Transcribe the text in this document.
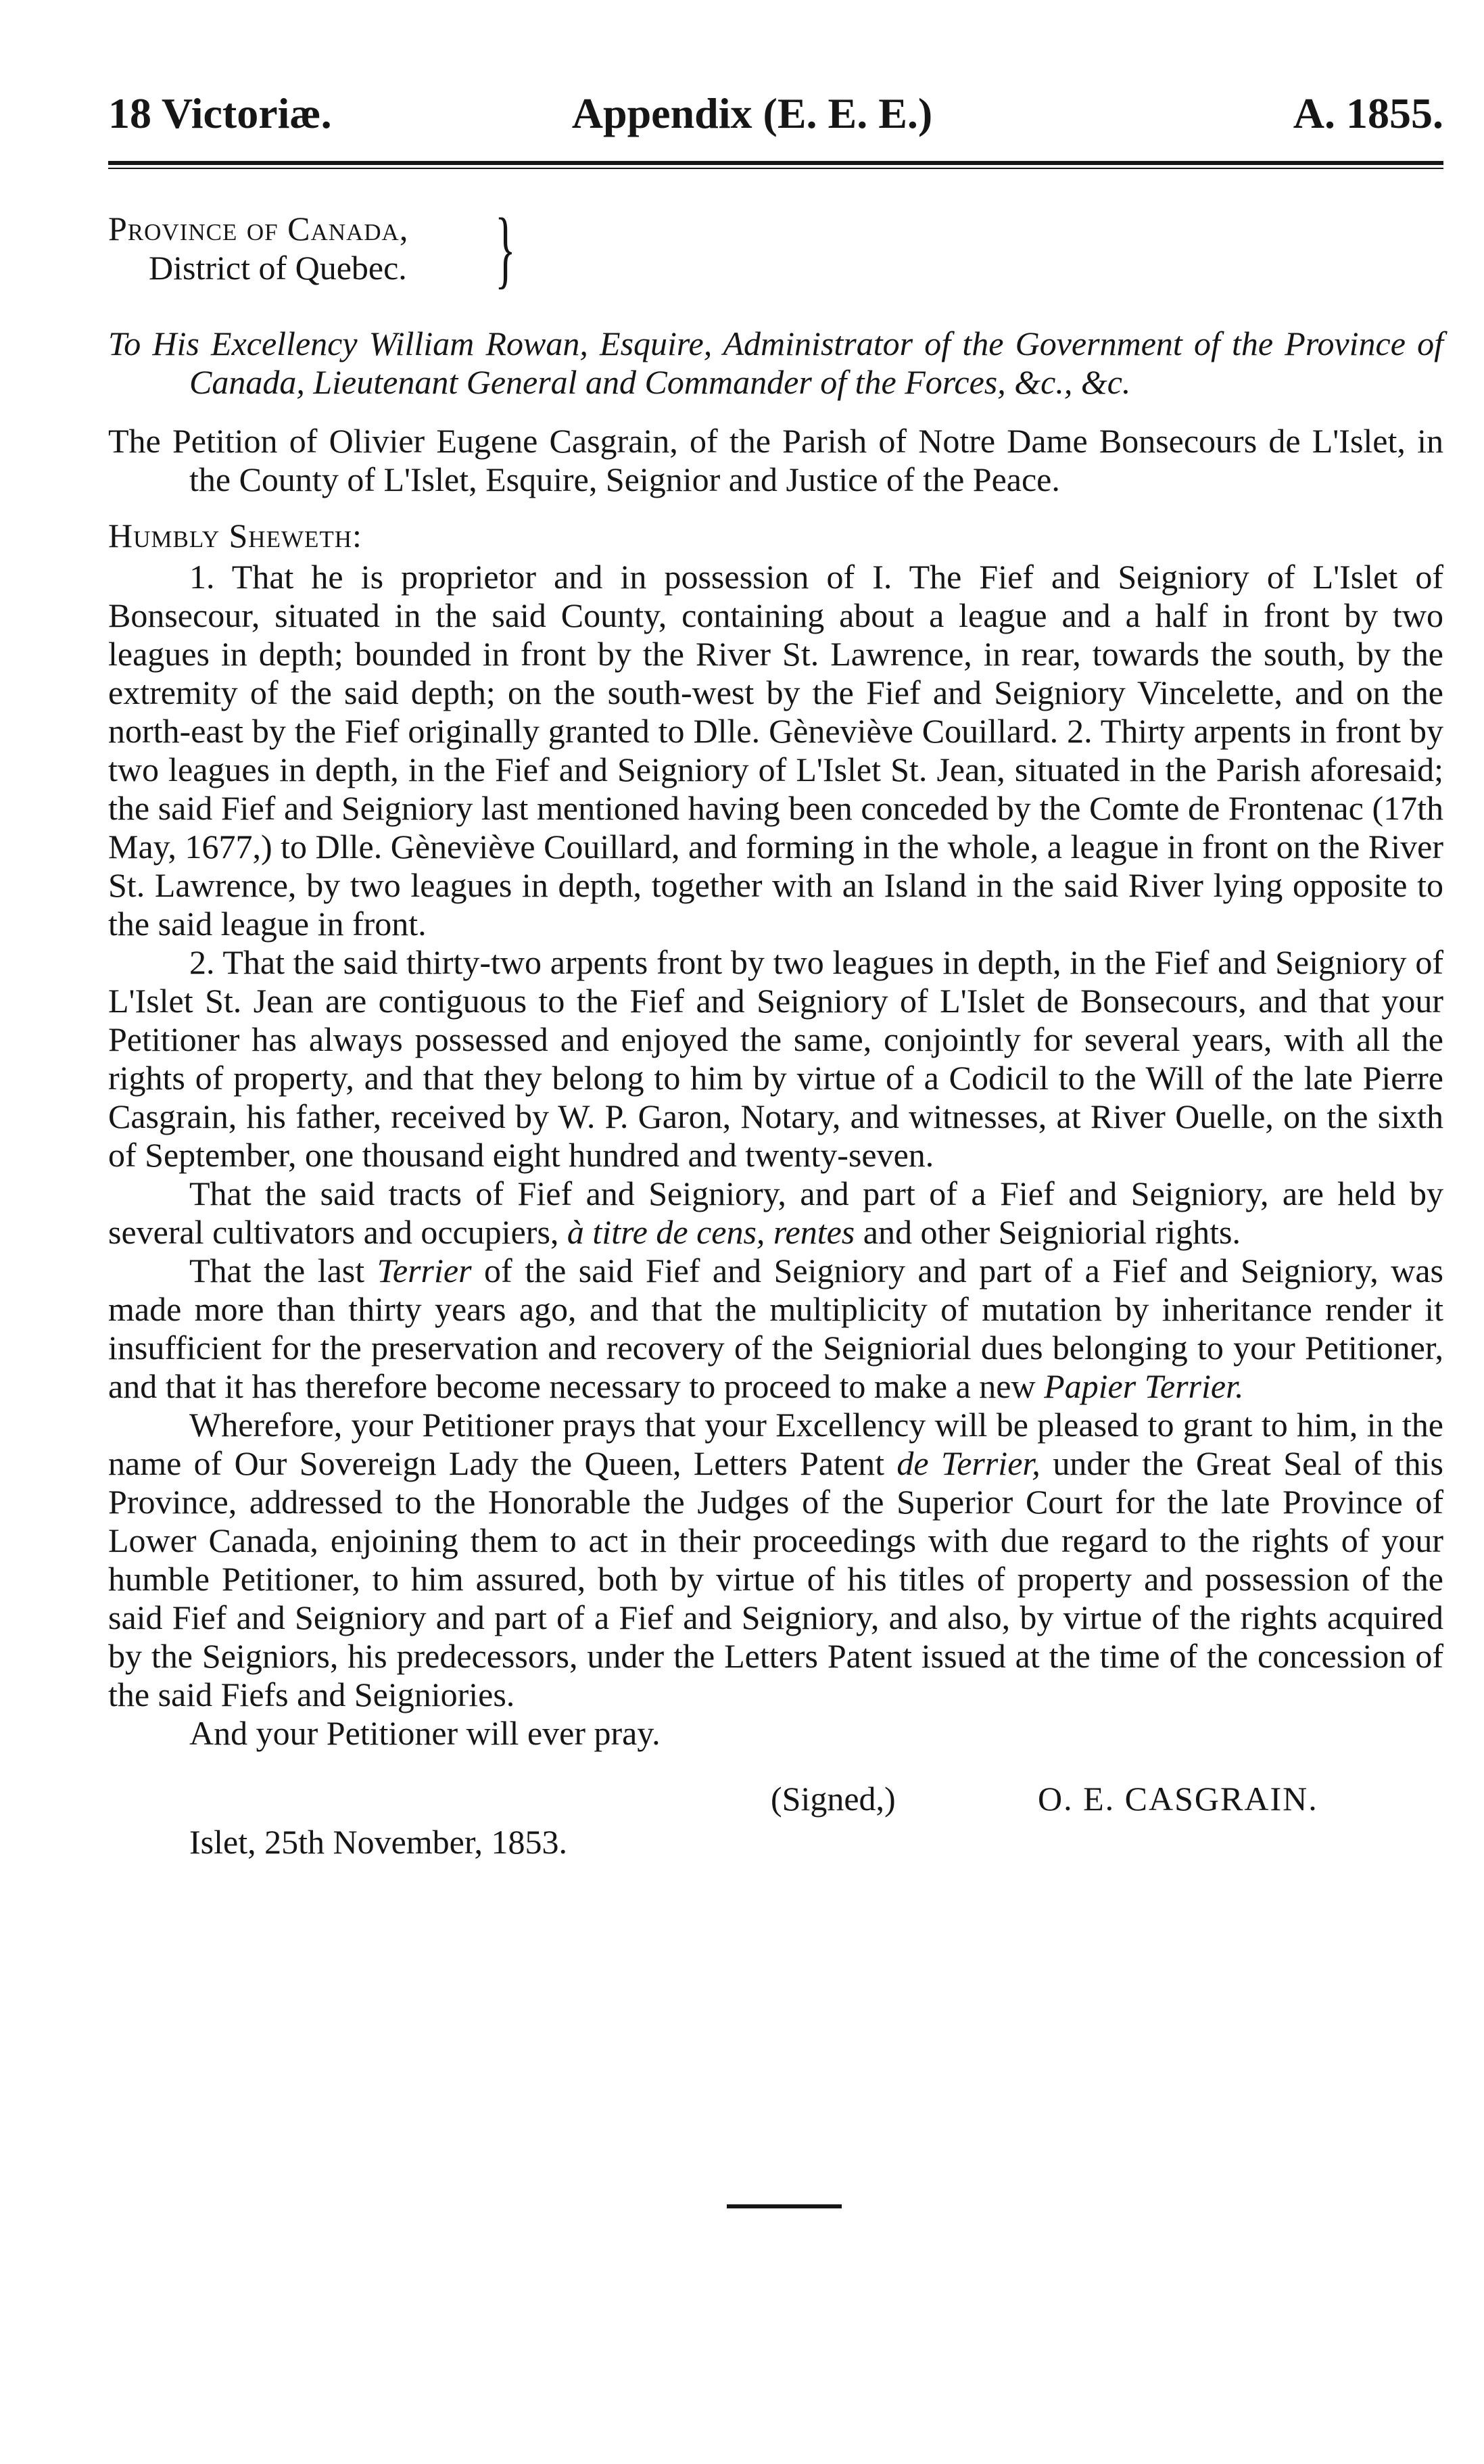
18 Victoriæ.	Appendix (E. E. E.)	A. 1855.
Province of Canada,
District of Quebec. }
To His Excellency William Rowan, Esquire, Administrator of the Government of the Province of Canada, Lieutenant General and Commander of the Forces, &c., &c.
The Petition of Olivier Eugene Casgrain, of the Parish of Notre Dame Bonsecours de L'Islet, in the County of L'Islet, Esquire, Seignior and Justice of the Peace.
Humbly Sheweth:

1. That he is proprietor and in possession of I. The Fief and Seigniory of L'Islet of Bonsecour, situated in the said County, containing about a league and a half in front by two leagues in depth; bounded in front by the River St. Lawrence, in rear, towards the south, by the extremity of the said depth; on the south-west by the Fief and Seigniory Vincelette, and on the north-east by the Fief originally granted to Dlle. Gèneviève Couillard. 2. Thirty arpents in front by two leagues in depth, in the Fief and Seigniory of L'Islet St. Jean, situated in the Parish aforesaid; the said Fief and Seigniory last mentioned having been conceded by the Comte de Frontenac (17th May, 1677,) to Dlle. Gèneviève Couillard, and forming in the whole, a league in front on the River St. Lawrence, by two leagues in depth, together with an Island in the said River lying opposite to the said league in front.

2. That the said thirty-two arpents front by two leagues in depth, in the Fief and Seigniory of L'Islet St. Jean are contiguous to the Fief and Seigniory of L'Islet de Bonsecours, and that your Petitioner has always possessed and enjoyed the same, conjointly for several years, with all the rights of property, and that they belong to him by virtue of a Codicil to the Will of the late Pierre Casgrain, his father, received by W. P. Garon, Notary, and witnesses, at River Ouelle, on the sixth of September, one thousand eight hundred and twenty-seven.

That the said tracts of Fief and Seigniory, and part of a Fief and Seigniory, are held by several cultivators and occupiers, à titre de cens, rentes and other Seigniorial rights.

That the last Terrier of the said Fief and Seigniory and part of a Fief and Seigniory, was made more than thirty years ago, and that the multiplicity of mutation by inheritance render it insufficient for the preservation and recovery of the Seigniorial dues belonging to your Petitioner, and that it has therefore become necessary to proceed to make a new Papier Terrier.

Wherefore, your Petitioner prays that your Excellency will be pleased to grant to him, in the name of Our Sovereign Lady the Queen, Letters Patent de Terrier, under the Great Seal of this Province, addressed to the Honorable the Judges of the Superior Court for the late Province of Lower Canada, enjoining them to act in their proceedings with due regard to the rights of your humble Petitioner, to him assured, both by virtue of his titles of property and possession of the said Fief and Seigniory and part of a Fief and Seigniory, and also, by virtue of the rights acquired by the Seigniors, his predecessors, under the Letters Patent issued at the time of the concession of the said Fiefs and Seigniories.

And your Petitioner will ever pray.

(Signed,)	O. E. CASGRAIN.
Islet, 25th November, 1853.
